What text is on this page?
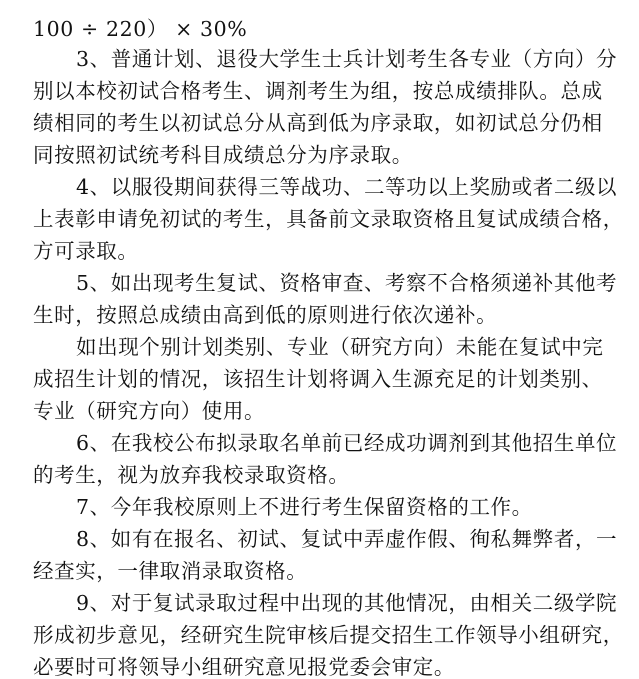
100 ÷ 220） × 30%
3、普通计划、退役大学生士兵计划考生各专业（方向）分
别以本校初试合格考生、调剂考生为组，按总成绩排队。总成
绩相同的考生以初试总分从高到低为序录取，如初试总分仍相
同按照初试统考科目成绩总分为序录取。
4、以服役期间获得三等战功、二等功以上奖励或者二级以
上表彰申请免初试的考生，具备前文录取资格且复试成绩合格，
方可录取。
5、如出现考生复试、资格审查、考察不合格须递补其他考
生时，按照总成绩由高到低的原则进行依次递补。
如出现个别计划类别、专业（研究方向）未能在复试中完
成招生计划的情况，该招生计划将调入生源充足的计划类别、
专业（研究方向）使用。
6、在我校公布拟录取名单前已经成功调剂到其他招生单位
的考生，视为放弃我校录取资格。
7、今年我校原则上不进行考生保留资格的工作。
8、如有在报名、初试、复试中弄虚作假、徇私舞弊者，一
经查实，一律取消录取资格。
9、对于复试录取过程中出现的其他情况，由相关二级学院
形成初步意见，经研究生院审核后提交招生工作领导小组研究，
必要时可将领导小组研究意见报党委会审定。
